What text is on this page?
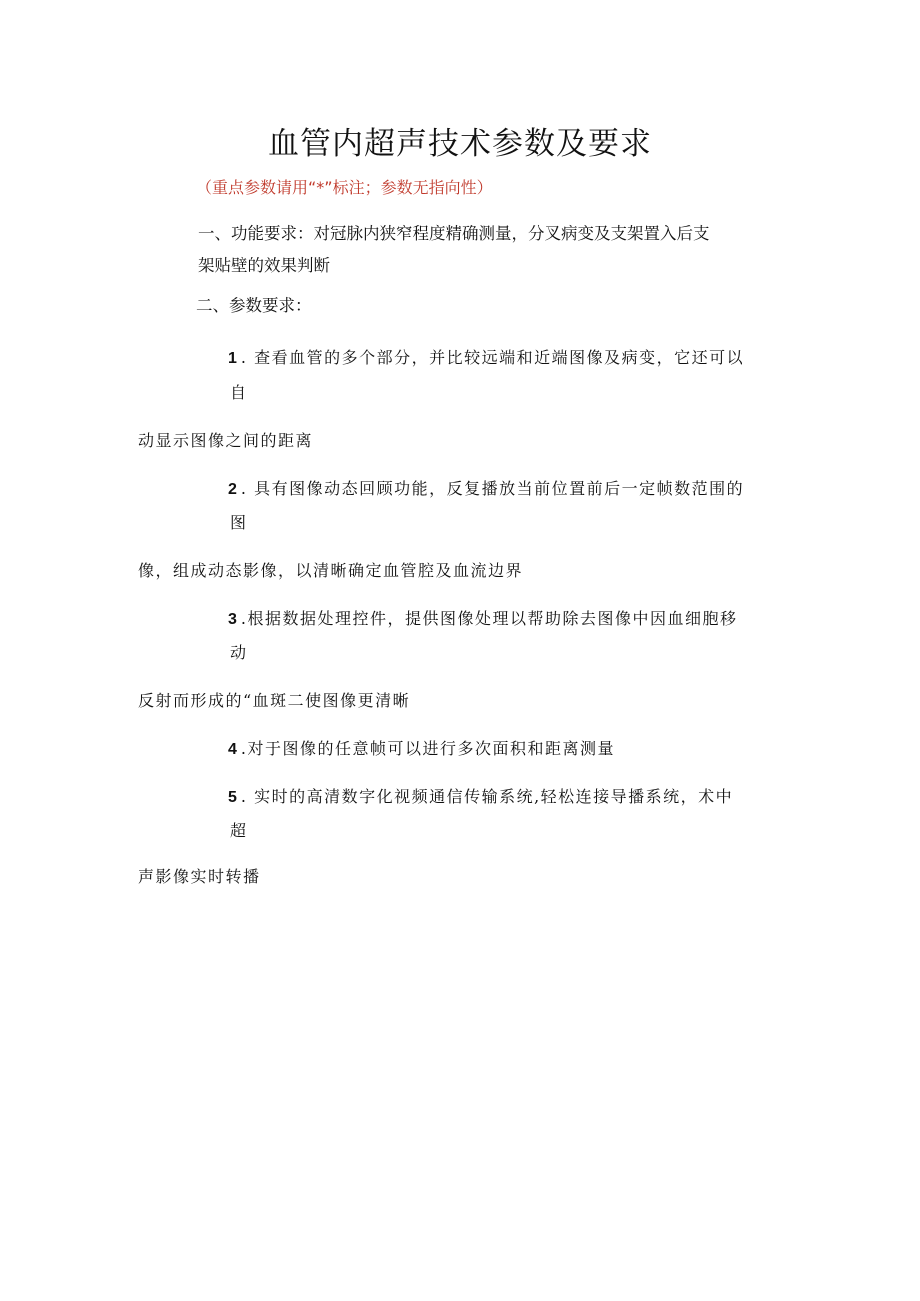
血管内超声技术参数及要求
（重点参数请用“*”标注；参数无指向性）
一、功能要求：对冠脉内狭窄程度精确测量，分叉病变及支架置入后支
架贴壁的效果判断
二、参数要求：
1 . 查看血管的多个部分，并比较远端和近端图像及病变，它还可以
自
动显示图像之间的距离
2 . 具有图像动态回顾功能，反复播放当前位置前后一定帧数范围的
图
像，组成动态影像，以清晰确定血管腔及血流边界
3 .根据数据处理控件，提供图像处理以帮助除去图像中因血细胞移
动
反射而形成的“血斑二使图像更清晰
4 .对于图像的任意帧可以进行多次面积和距离测量
5 . 实时的高清数字化视频通信传输系统,轻松连接导播系统，术中
超
声影像实时转播
